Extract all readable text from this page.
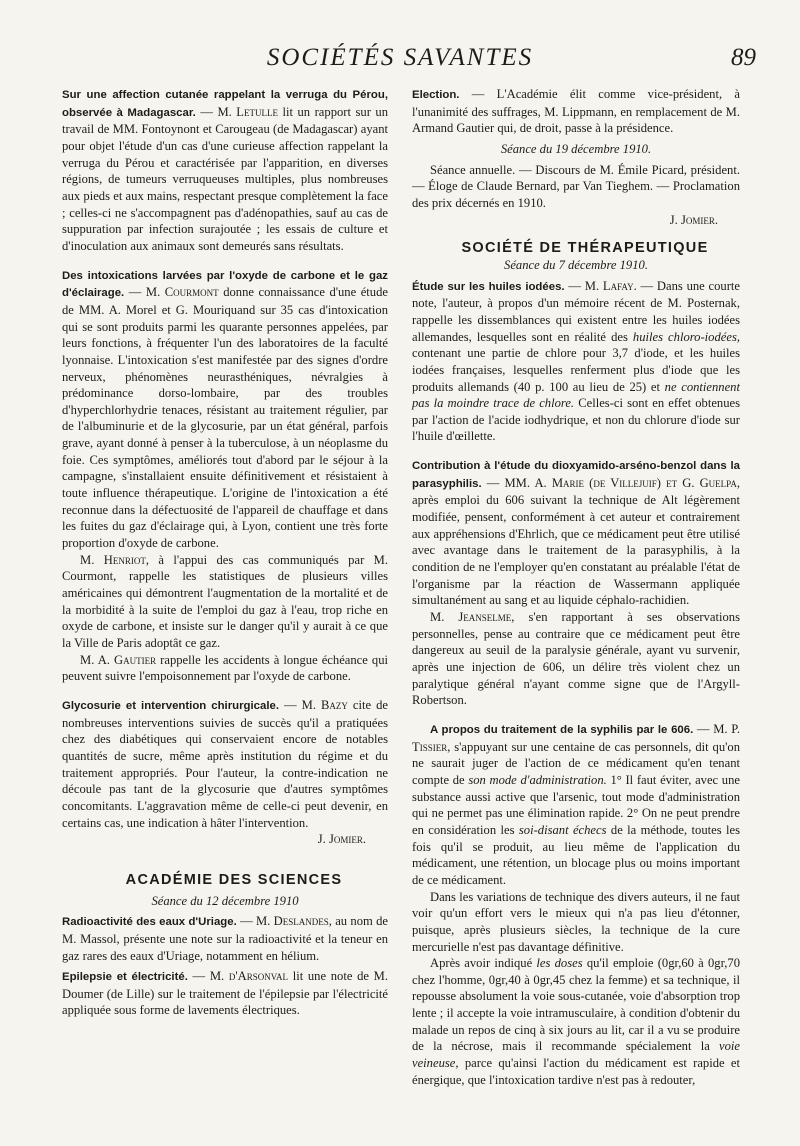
SOCIÉTÉS SAVANTES	89

Sur une affection cutanée rappelant la verruga du Pérou, observée à Madagascar. — M. Letulle lit un rapport sur un travail de MM. Fontoynont et Carougeau (de Madagascar) ayant pour objet l'étude d'un cas d'une curieuse affection rappelant la verruga du Pérou et caractérisée par l'apparition, en diverses régions, de tumeurs verruqueuses multiples, plus nombreuses aux pieds et aux mains, respectant presque complètement la face ; celles-ci ne s'accompagnent pas d'adénopathies, sauf au cas de suppuration par infection surajoutée ; les essais de culture et d'inoculation aux animaux sont demeurés sans résultats.

Des intoxications larvées par l'oxyde de carbone et le gaz d'éclairage. — M. Courmont donne connaissance d'une étude de MM. A. Morel et G. Mouriquand sur 35 cas d'intoxication qui se sont produits parmi les quarante personnes appelées, par leurs fonctions, à fréquenter l'un des laboratoires de la faculté lyonnaise. L'intoxication s'est manifestée par des signes d'ordre nerveux, phénomènes neurasthéniques, névralgies à prédominance dorso-lombaire, par des troubles d'hyperchlorhydrie tenaces, résistant au traitement régulier, par de l'albuminurie et de la glycosurie, par un état général, parfois grave, ayant donné à penser à la tuberculose, à un néoplasme du foie. Ces symptômes, améliorés tout d'abord par le séjour à la campagne, s'installaient ensuite définitivement et résistaient à toute influence thérapeutique. L'origine de l'intoxication a été reconnue dans la défectuosité de l'appareil de chauffage et dans les fuites du gaz d'éclairage qui, à Lyon, contient une très forte proportion d'oxyde de carbone.

M. Henriot, à l'appui des cas communiqués par M. Courmont, rappelle les statistiques de plusieurs villes américaines qui démontrent l'augmentation de la mortalité et de la morbidité à la suite de l'emploi du gaz à l'eau, trop riche en oxyde de carbone, et insiste sur le danger qu'il y aurait à ce que la Ville de Paris adoptât ce gaz.

M. A. Gautier rappelle les accidents à longue échéance qui peuvent suivre l'empoisonnement par l'oxyde de carbone.

Glycosurie et intervention chirurgicale. — M. Bazy cite de nombreuses interventions suivies de succès qu'il a pratiquées chez des diabétiques qui conservaient encore de notables quantités de sucre, même après institution du régime et du traitement appropriés. Pour l'auteur, la contre-indication ne découle pas tant de la glycosurie que d'autres symptômes concomitants. L'aggravation même de celle-ci peut devenir, en certains cas, une indication à hâter l'intervention.

J. Jomier.

ACADÉMIE DES SCIENCES

Séance du 12 décembre 1910

Radioactivité des eaux d'Uriage. — M. Deslandes, au nom de M. Massol, présente une note sur la radioactivité et la teneur en gaz rares des eaux d'Uriage, notamment en hélium.

Epilepsie et électricité. — M. d'Arsonval lit une note de M. Doumer (de Lille) sur le traitement de l'épilepsie par l'électricité appliquée sous forme de lavements électriques.

Election. — L'Académie élit comme vice-président, à l'unanimité des suffrages, M. Lippmann, en remplacement de M. Armand Gautier qui, de droit, passe à la présidence.

Séance du 19 décembre 1910.

Séance annuelle. — Discours de M. Émile Picard, président. — Éloge de Claude Bernard, par Van Tieghem. — Proclamation des prix décernés en 1910.

J. Jomier.

SOCIÉTÉ DE THÉRAPEUTIQUE

Séance du 7 décembre 1910.

Étude sur les huiles iodées. — M. Lafay. — Dans une courte note, l'auteur, à propos d'un mémoire récent de M. Posternak, rappelle les dissemblances qui existent entre les huiles iodées allemandes, lesquelles sont en réalité des huiles chloro-iodées, contenant une partie de chlore pour 3,7 d'iode, et les huiles iodées françaises, lesquelles renferment plus d'iode que les produits allemands (40 p. 100 au lieu de 25) et ne contiennent pas la moindre trace de chlore. Celles-ci sont en effet obtenues par l'action de l'acide iodhydrique, et non du chlorure d'iode sur l'huile d'œillette.

Contribution à l'étude du dioxyamido-arséno-benzol dans la parasyphilis. — MM. A. Marie (de Villejuif) et G. Guelpa, après emploi du 606 suivant la technique de Alt légèrement modifiée, pensent, conformément à cet auteur et contrairement aux appréhensions d'Ehrlich, que ce médicament peut être utilisé avec avantage dans le traitement de la parasyphilis, à la condition de ne l'employer qu'en constatant au préalable l'état de l'organisme par la réaction de Wassermann appliquée simultanément au sang et au liquide céphalo-rachidien.

M. Jeanselme, s'en rapportant à ses observations personnelles, pense au contraire que ce médicament peut être dangereux au seuil de la paralysie générale, ayant vu survenir, après une injection de 606, un délire très violent chez un paralytique général n'ayant comme signe que de l'Argyll-Robertson.

A propos du traitement de la syphilis par le 606. — M. P. Tissier, s'appuyant sur une centaine de cas personnels, dit qu'on ne saurait juger de l'action de ce médicament qu'en tenant compte de son mode d'administration. 1° Il faut éviter, avec une substance aussi active que l'arsenic, tout mode d'administration qui ne permet pas une élimination rapide. 2° On ne peut prendre en considération les soi-disant échecs de la méthode, toutes les fois qu'il se produit, au lieu même de l'application du médicament, une rétention, un blocage plus ou moins important de ce médicament.

Dans les variations de technique des divers auteurs, il ne faut voir qu'un effort vers le mieux qui n'a pas lieu d'étonner, puisque, après plusieurs siècles, la technique de la cure mercurielle n'est pas davantage définitive.

Après avoir indiqué les doses qu'il emploie (0gr,60 à 0gr,70 chez l'homme, 0gr,40 à 0gr,45 chez la femme) et sa technique, il repousse absolument la voie sous-cutanée, voie d'absorption trop lente ; il accepte la voie intramusculaire, à condition d'obtenir du malade un repos de cinq à six jours au lit, car il a vu se produire de la nécrose, mais il recommande spécialement la voie veineuse, parce qu'ainsi l'action du médicament est rapide et énergique, que l'intoxication tardive n'est pas à redouter,
